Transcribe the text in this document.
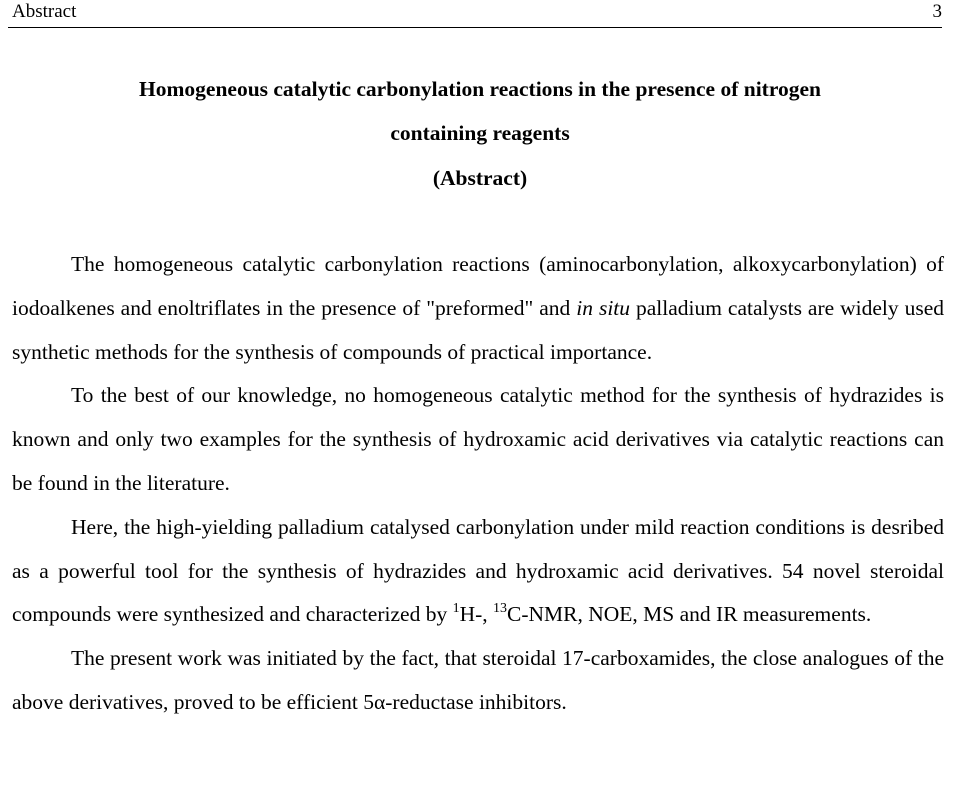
Abstract	3
Homogeneous catalytic carbonylation reactions in the presence of nitrogen
containing reagents
(Abstract)

The homogeneous catalytic carbonylation reactions (aminocarbonylation, alkoxycarbonylation) of iodoalkenes and enoltriflates in the presence of "preformed" and in situ palladium catalysts are widely used synthetic methods for the synthesis of compounds of practical importance.

To the best of our knowledge, no homogeneous catalytic method for the synthesis of hydrazides is known and only two examples for the synthesis of hydroxamic acid derivatives via catalytic reactions can be found in the literature.

Here, the high-yielding palladium catalysed carbonylation under mild reaction conditions is desribed as a powerful tool for the synthesis of hydrazides and hydroxamic acid derivatives. 54 novel steroidal compounds were synthesized and characterized by $^1$H-, $^{13}$C-NMR, NOE, MS and IR measurements.

The present work was initiated by the fact, that steroidal 17-carboxamides, the close analogues of the above derivatives, proved to be efficient 5α-reductase inhibitors.
